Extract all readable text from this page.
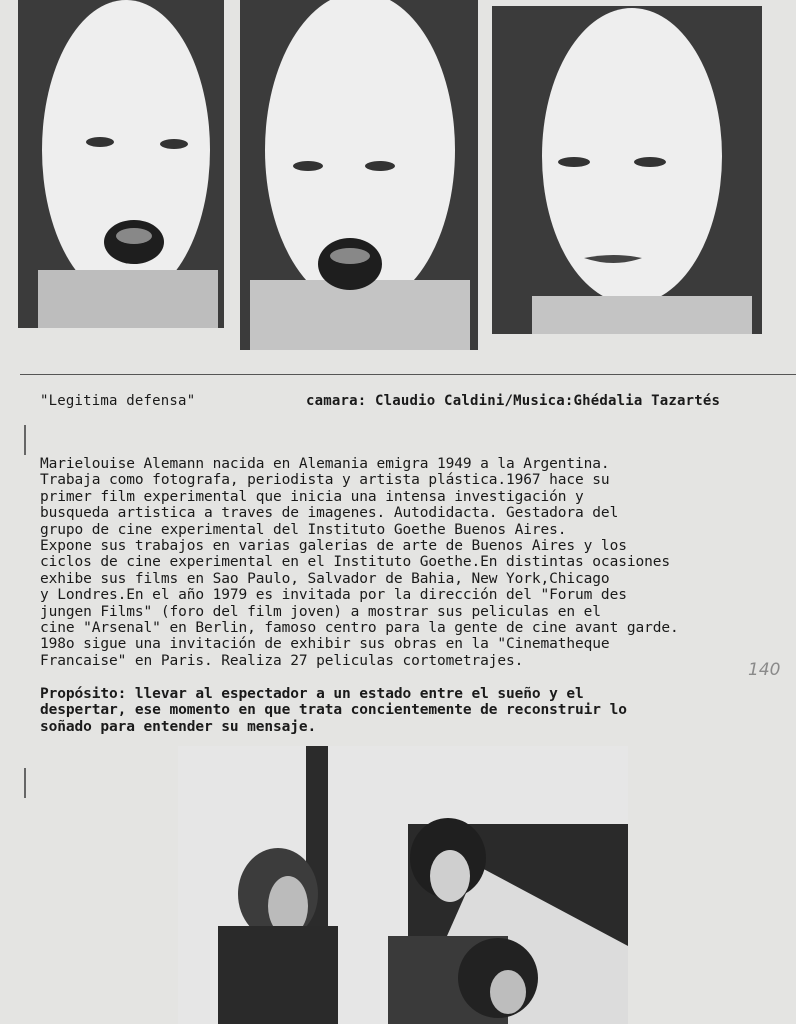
"Legitima defensa"	camara: Claudio Caldini/Musica:Ghédalia Tazartés
Marielouise Alemann nacida en Alemania emigra 1949 a la Argentina.
Trabaja como fotografa, periodista y artista plástica.1967 hace su
primer film experimental que inicia una intensa investigación y
busqueda artistica a traves de imagenes. Autodidacta. Gestadora del
grupo de cine experimental del Instituto Goethe Buenos Aires.
Expone sus trabajos en varias galerias de arte de Buenos Aires y los
ciclos de cine experimental en el Instituto Goethe.En distintas ocasiones
exhibe sus films en Sao Paulo, Salvador de Bahia, New York,Chicago
y Londres.En el año 1979 es invitada por la dirección del "Forum des
jungen Films" (foro del film joven) a mostrar sus peliculas en el
cine "Arsenal" en Berlin, famoso centro para la gente de cine avant garde.
198o sigue una invitación de exhibir sus obras en la "Cinematheque
Francaise" en Paris. Realiza 27 peliculas cortometrajes.	140
Propósito: llevar al espectador a un estado entre el sueño y el
despertar, ese momento en que trata concientemente de reconstruir lo
soñado para entender su mensaje.
